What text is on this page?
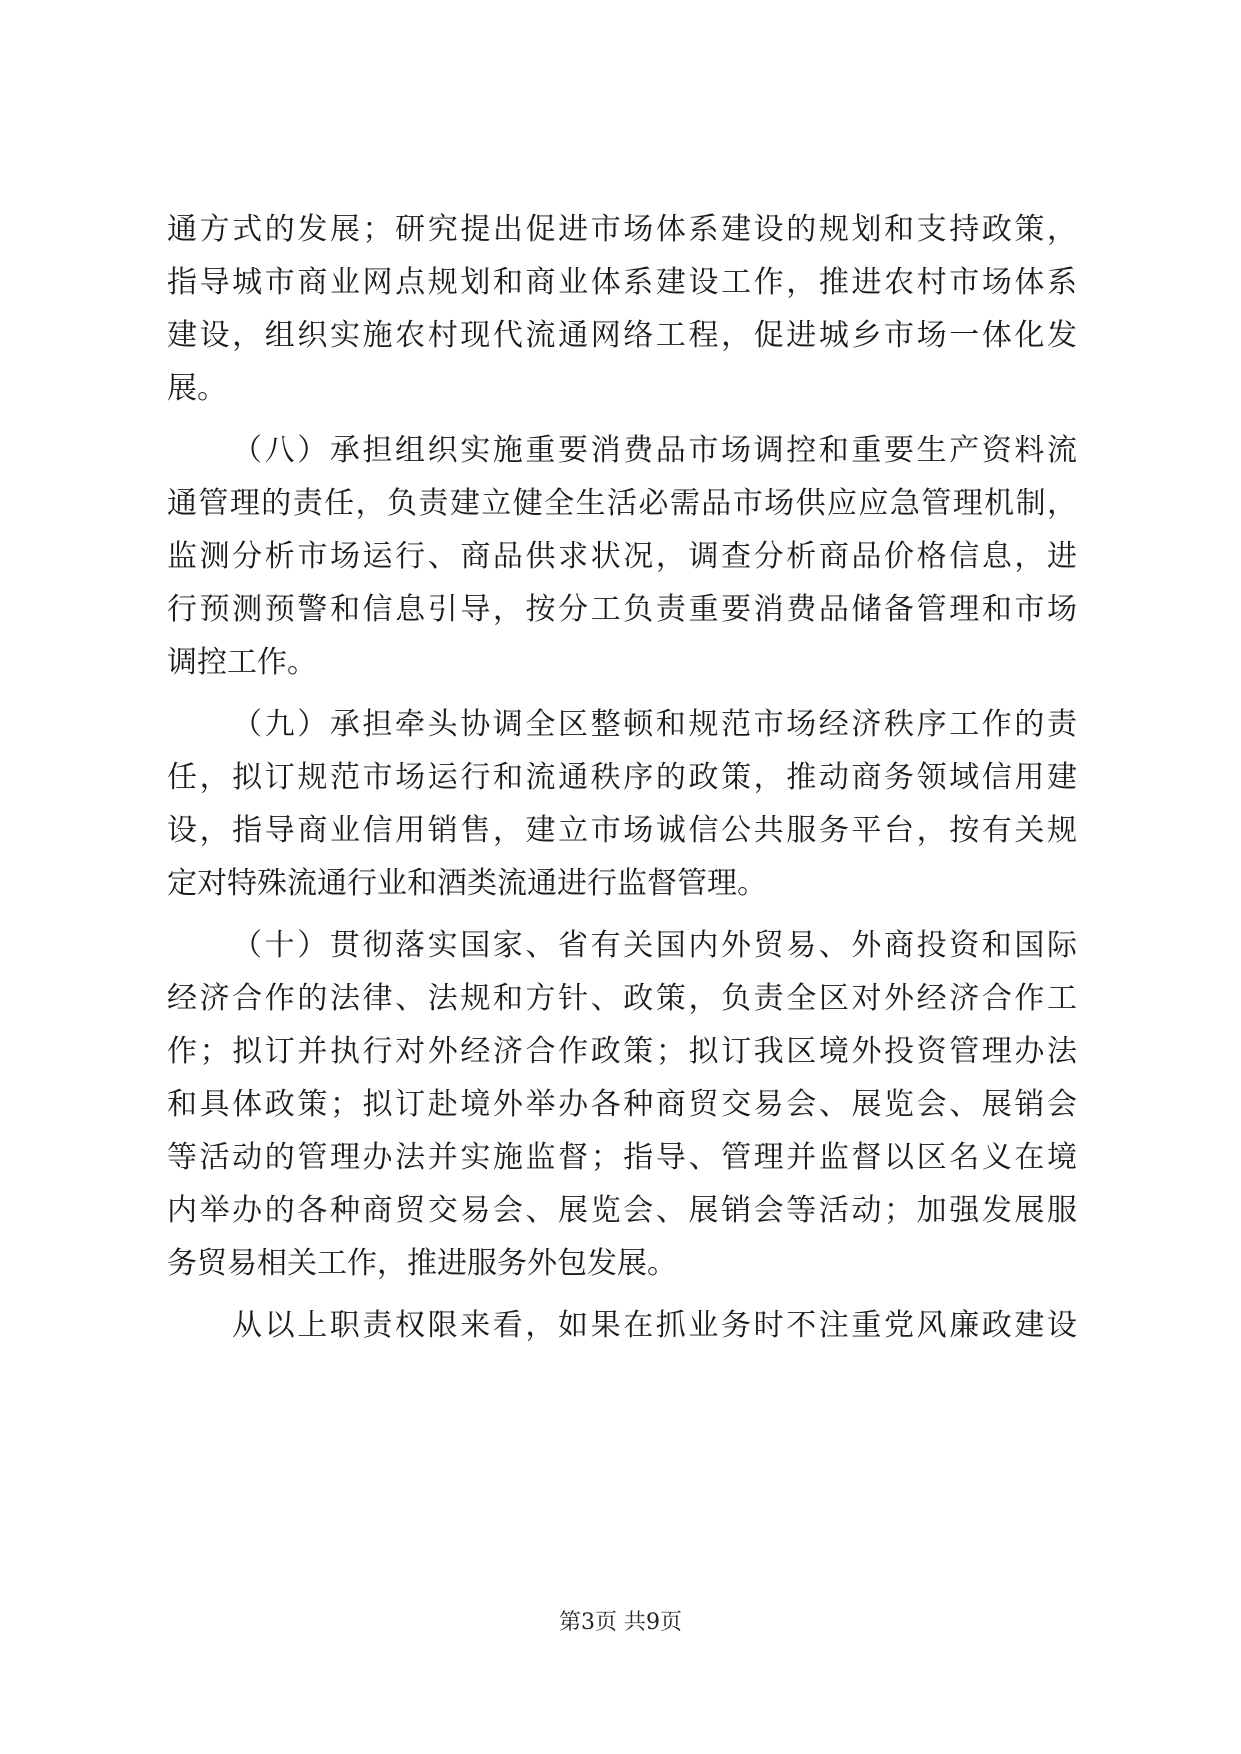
通方式的发展；研究提出促进市场体系建设的规划和支持政策，
指导城市商业网点规划和商业体系建设工作，推进农村市场体系
建设，组织实施农村现代流通网络工程，促进城乡市场一体化发
展。
（八）承担组织实施重要消费品市场调控和重要生产资料流
通管理的责任，负责建立健全生活必需品市场供应应急管理机制，
监测分析市场运行、商品供求状况，调查分析商品价格信息，进
行预测预警和信息引导，按分工负责重要消费品储备管理和市场
调控工作。
（九）承担牵头协调全区整顿和规范市场经济秩序工作的责
任，拟订规范市场运行和流通秩序的政策，推动商务领域信用建
设，指导商业信用销售，建立市场诚信公共服务平台，按有关规
定对特殊流通行业和酒类流通进行监督管理。
（十）贯彻落实国家、省有关国内外贸易、外商投资和国际
经济合作的法律、法规和方针、政策，负责全区对外经济合作工
作；拟订并执行对外经济合作政策；拟订我区境外投资管理办法
和具体政策；拟订赴境外举办各种商贸交易会、展览会、展销会
等活动的管理办法并实施监督；指导、管理并监督以区名义在境
内举办的各种商贸交易会、展览会、展销会等活动；加强发展服
务贸易相关工作，推进服务外包发展。
从以上职责权限来看，如果在抓业务时不注重党风廉政建设
第3页 共9页
